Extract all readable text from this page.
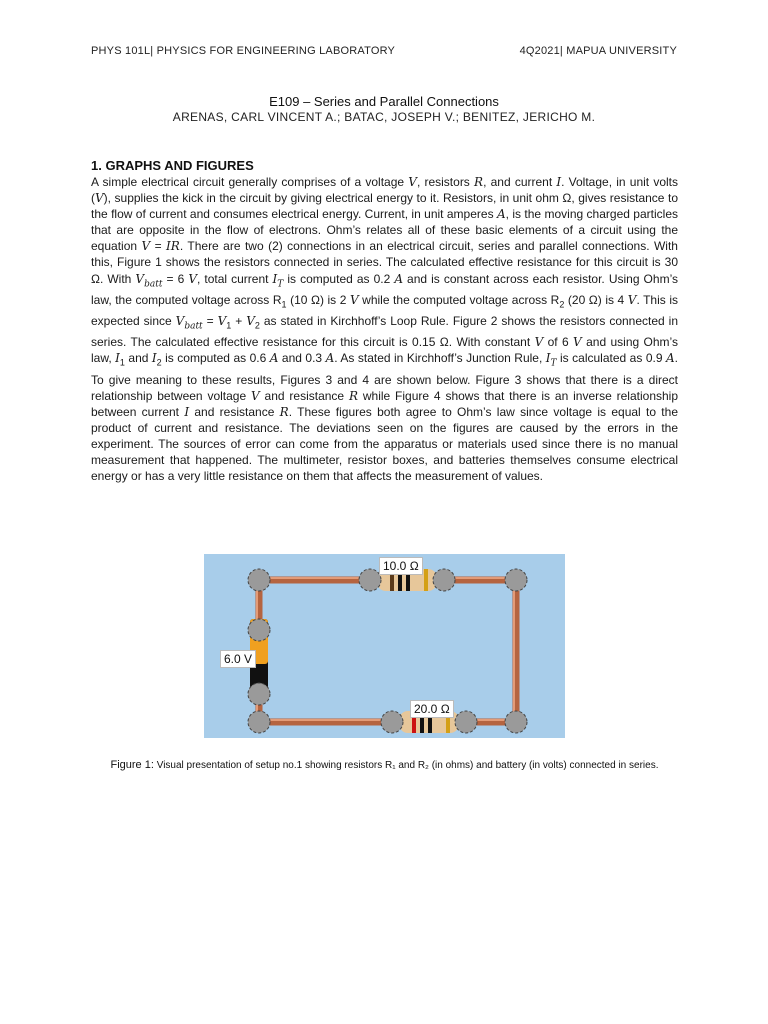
PHYS 101L| PHYSICS FOR ENGINEERING LABORATORY	4Q2021| MAPUA UNIVERSITY
E109 – Series and Parallel Connections
ARENAS, CARL VINCENT A.; BATAC, JOSEPH V.; BENITEZ, JERICHO M.
1. GRAPHS AND FIGURES
A simple electrical circuit generally comprises of a voltage V, resistors R, and current I. Voltage, in unit volts (V), supplies the kick in the circuit by giving electrical energy to it. Resistors, in unit ohm Ω, gives resistance to the flow of current and consumes electrical energy. Current, in unit amperes A, is the moving charged particles that are opposite in the flow of electrons. Ohm’s relates all of these basic elements of a circuit using the equation V = IR. There are two (2) connections in an electrical circuit, series and parallel connections. With this, Figure 1 shows the resistors connected in series. The calculated effective resistance for this circuit is 30 Ω. With $V_{batt} = 6$ V, total current $I_T$ is computed as 0.2 A and is constant across each resistor. Using Ohm’s law, the computed voltage across $R_1$ (10 Ω) is 2 V while the computed voltage across $R_2$ (20 Ω) is 4 V. This is expected since $V_{batt} = V_1 + V_2$ as stated in Kirchhoff’s Loop Rule. Figure 2 shows the resistors connected in series. The calculated effective resistance for this circuit is 0.15 Ω. With constant V of 6 V and using Ohm’s law, $I_1$ and $I_2$ is computed as 0.6 A and 0.3 A. As stated in Kirchhoff’s Junction Rule, $I_T$ is calculated as 0.9 A. To give meaning to these results, Figures 3 and 4 are shown below. Figure 3 shows that there is a direct relationship between voltage V and resistance R while Figure 4 shows that there is an inverse relationship between current I and resistance R. These figures both agree to Ohm’s law since voltage is equal to the product of current and resistance. The deviations seen on the figures are caused by the errors in the experiment. The sources of error can come from the apparatus or materials used since there is no manual measurement that happened. The multimeter, resistor boxes, and batteries themselves consume electrical energy or has a very little resistance on them that affects the measurement of values.
10.0 Ω
20.0 Ω
6.0 V
Figure 1: Visual presentation of setup no.1 showing resistors R₁ and R₂ (in ohms) and battery (in volts) connected in series.
